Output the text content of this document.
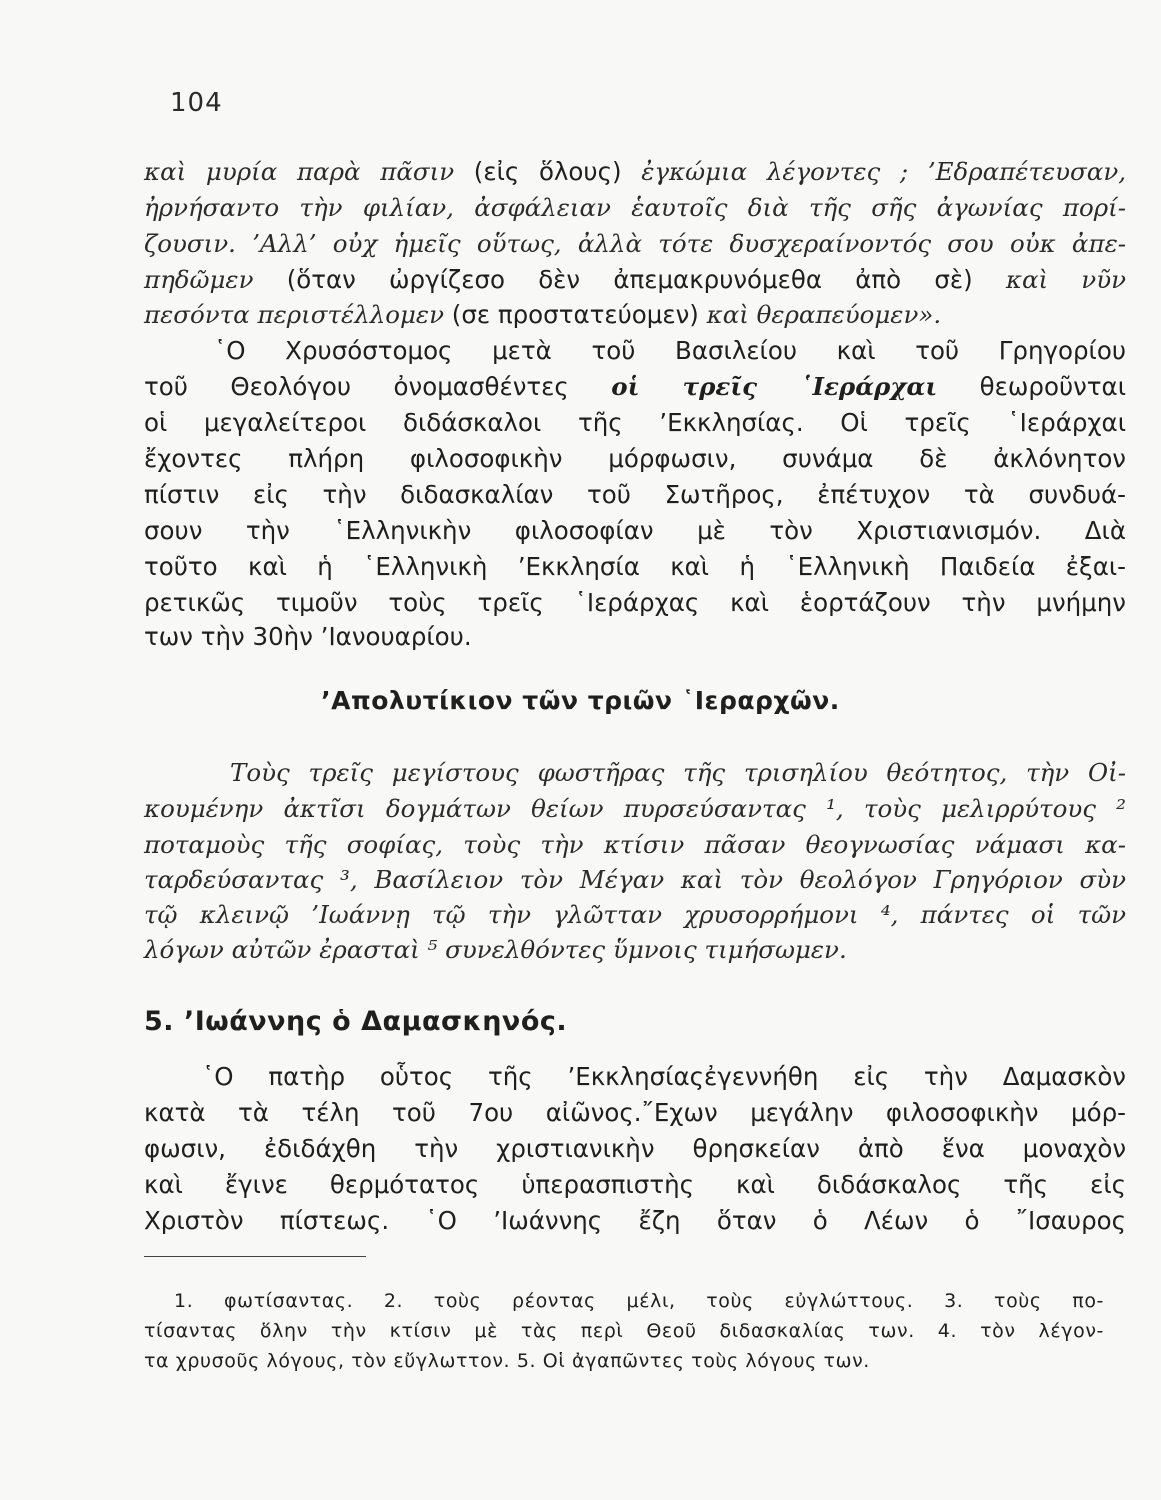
104
καὶ μυρία παρὰ πᾶσιν (εἰς ὅλους) ἐγκώμια λέγοντες ; ’Εδραπέτευσαν,
ἠρνήσαντο τὴν φιλίαν, ἀσφάλειαν ἑαυτοῖς διὰ τῆς σῆς ἀγωνίας πορί-
ζουσιν. ’Αλλ’ οὐχ ἡμεῖς οὕτως, ἀλλὰ τότε δυσχεραίνοντός σου οὐκ ἀπε-
πηδῶμεν (ὅταν ὠργίζεσο δὲν ἀπεμακρυνόμεθα ἀπὸ σὲ) καὶ νῦν
πεσόντα περιστέλλομεν (σε προστατεύομεν) καὶ θεραπεύομεν».
῾Ο Χρυσόστομος μετὰ τοῦ Βασιλείου καὶ τοῦ Γρηγορίου
τοῦ Θεολόγου ὀνομασθέντες οἱ τρεῖς ῾Ιεράρχαι θεωροῦνται
οἱ μεγαλείτεροι διδάσκαλοι τῆς ’Εκκλησίας. Οἱ τρεῖς ῾Ιεράρχαι
ἔχοντες πλήρη φιλοσοφικὴν μόρφωσιν, συνάμα δὲ ἀκλόνητον
πίστιν εἰς τὴν διδασκαλίαν τοῦ Σωτῆρος, ἐπέτυχον τὰ συνδυά-
σουν τὴν ῾Ελληνικὴν φιλοσοφίαν μὲ τὸν Χριστιανισμόν. Διὰ
τοῦτο καὶ ἡ ῾Ελληνικὴ ’Εκκλησία καὶ ἡ ῾Ελληνικὴ Παιδεία ἐξαι-
ρετικῶς τιμοῦν τοὺς τρεῖς ῾Ιεράρχας καὶ ἑορτάζουν τὴν μνήμην
των τὴν 30ὴν ’Ιανουαρίου.
’Απολυτίκιον τῶν τριῶν ῾Ιεραρχῶν.
Τοὺς τρεῖς μεγίστους φωστῆρας τῆς τρισηλίου θεότητος, τὴν Οἰ-
κουμένην ἀκτῖσι δογμάτων θείων πυρσεύσαντας ¹, τοὺς μελιρρύτους ²
ποταμοὺς τῆς σοφίας, τοὺς τὴν κτίσιν πᾶσαν θεογνωσίας νάμασι κα-
ταρδεύσαντας ³, Βασίλειον τὸν Μέγαν καὶ τὸν θεολόγον Γρηγόριον σὺν
τῷ κλεινῷ ’Ιωάννῃ τῷ τὴν γλῶτταν χρυσορρήμονι ⁴, πάντες οἱ τῶν
λόγων αὐτῶν ἐρασταὶ ⁵ συνελθόντες ὕμνοις τιμήσωμεν.
5. ’Ιωάννης ὁ Δαμασκηνός.
῾Ο πατὴρ οὗτος τῆς ’Εκκλησίαςἐγεννήθη εἰς τὴν Δαμασκὸν
κατὰ τὰ τέλη τοῦ 7ου αἰῶνος.῎Εχων μεγάλην φιλοσοφικὴν μόρ-
φωσιν, ἐδιδάχθη τὴν χριστιανικὴν θρησκείαν ἀπὸ ἕνα μοναχὸν
καὶ ἔγινε θερμότατος ὑπερασπιστὴς καὶ διδάσκαλος τῆς εἰς
Χριστὸν πίστεως. ῾Ο ’Ιωάννης ἔζη ὅταν ὁ Λέων ὁ ῎Ισαυρος
1. φωτίσαντας. 2. τοὺς ρέοντας μέλι, τοὺς εὐγλώττους. 3. τοὺς πο-
τίσαντας ὅλην τὴν κτίσιν μὲ τὰς περὶ Θεοῦ διδασκαλίας των. 4. τὸν λέγον-
τα χρυσοῦς λόγους, τὸν εὔγλωττον. 5. Οἱ ἀγαπῶντες τοὺς λόγους των.
